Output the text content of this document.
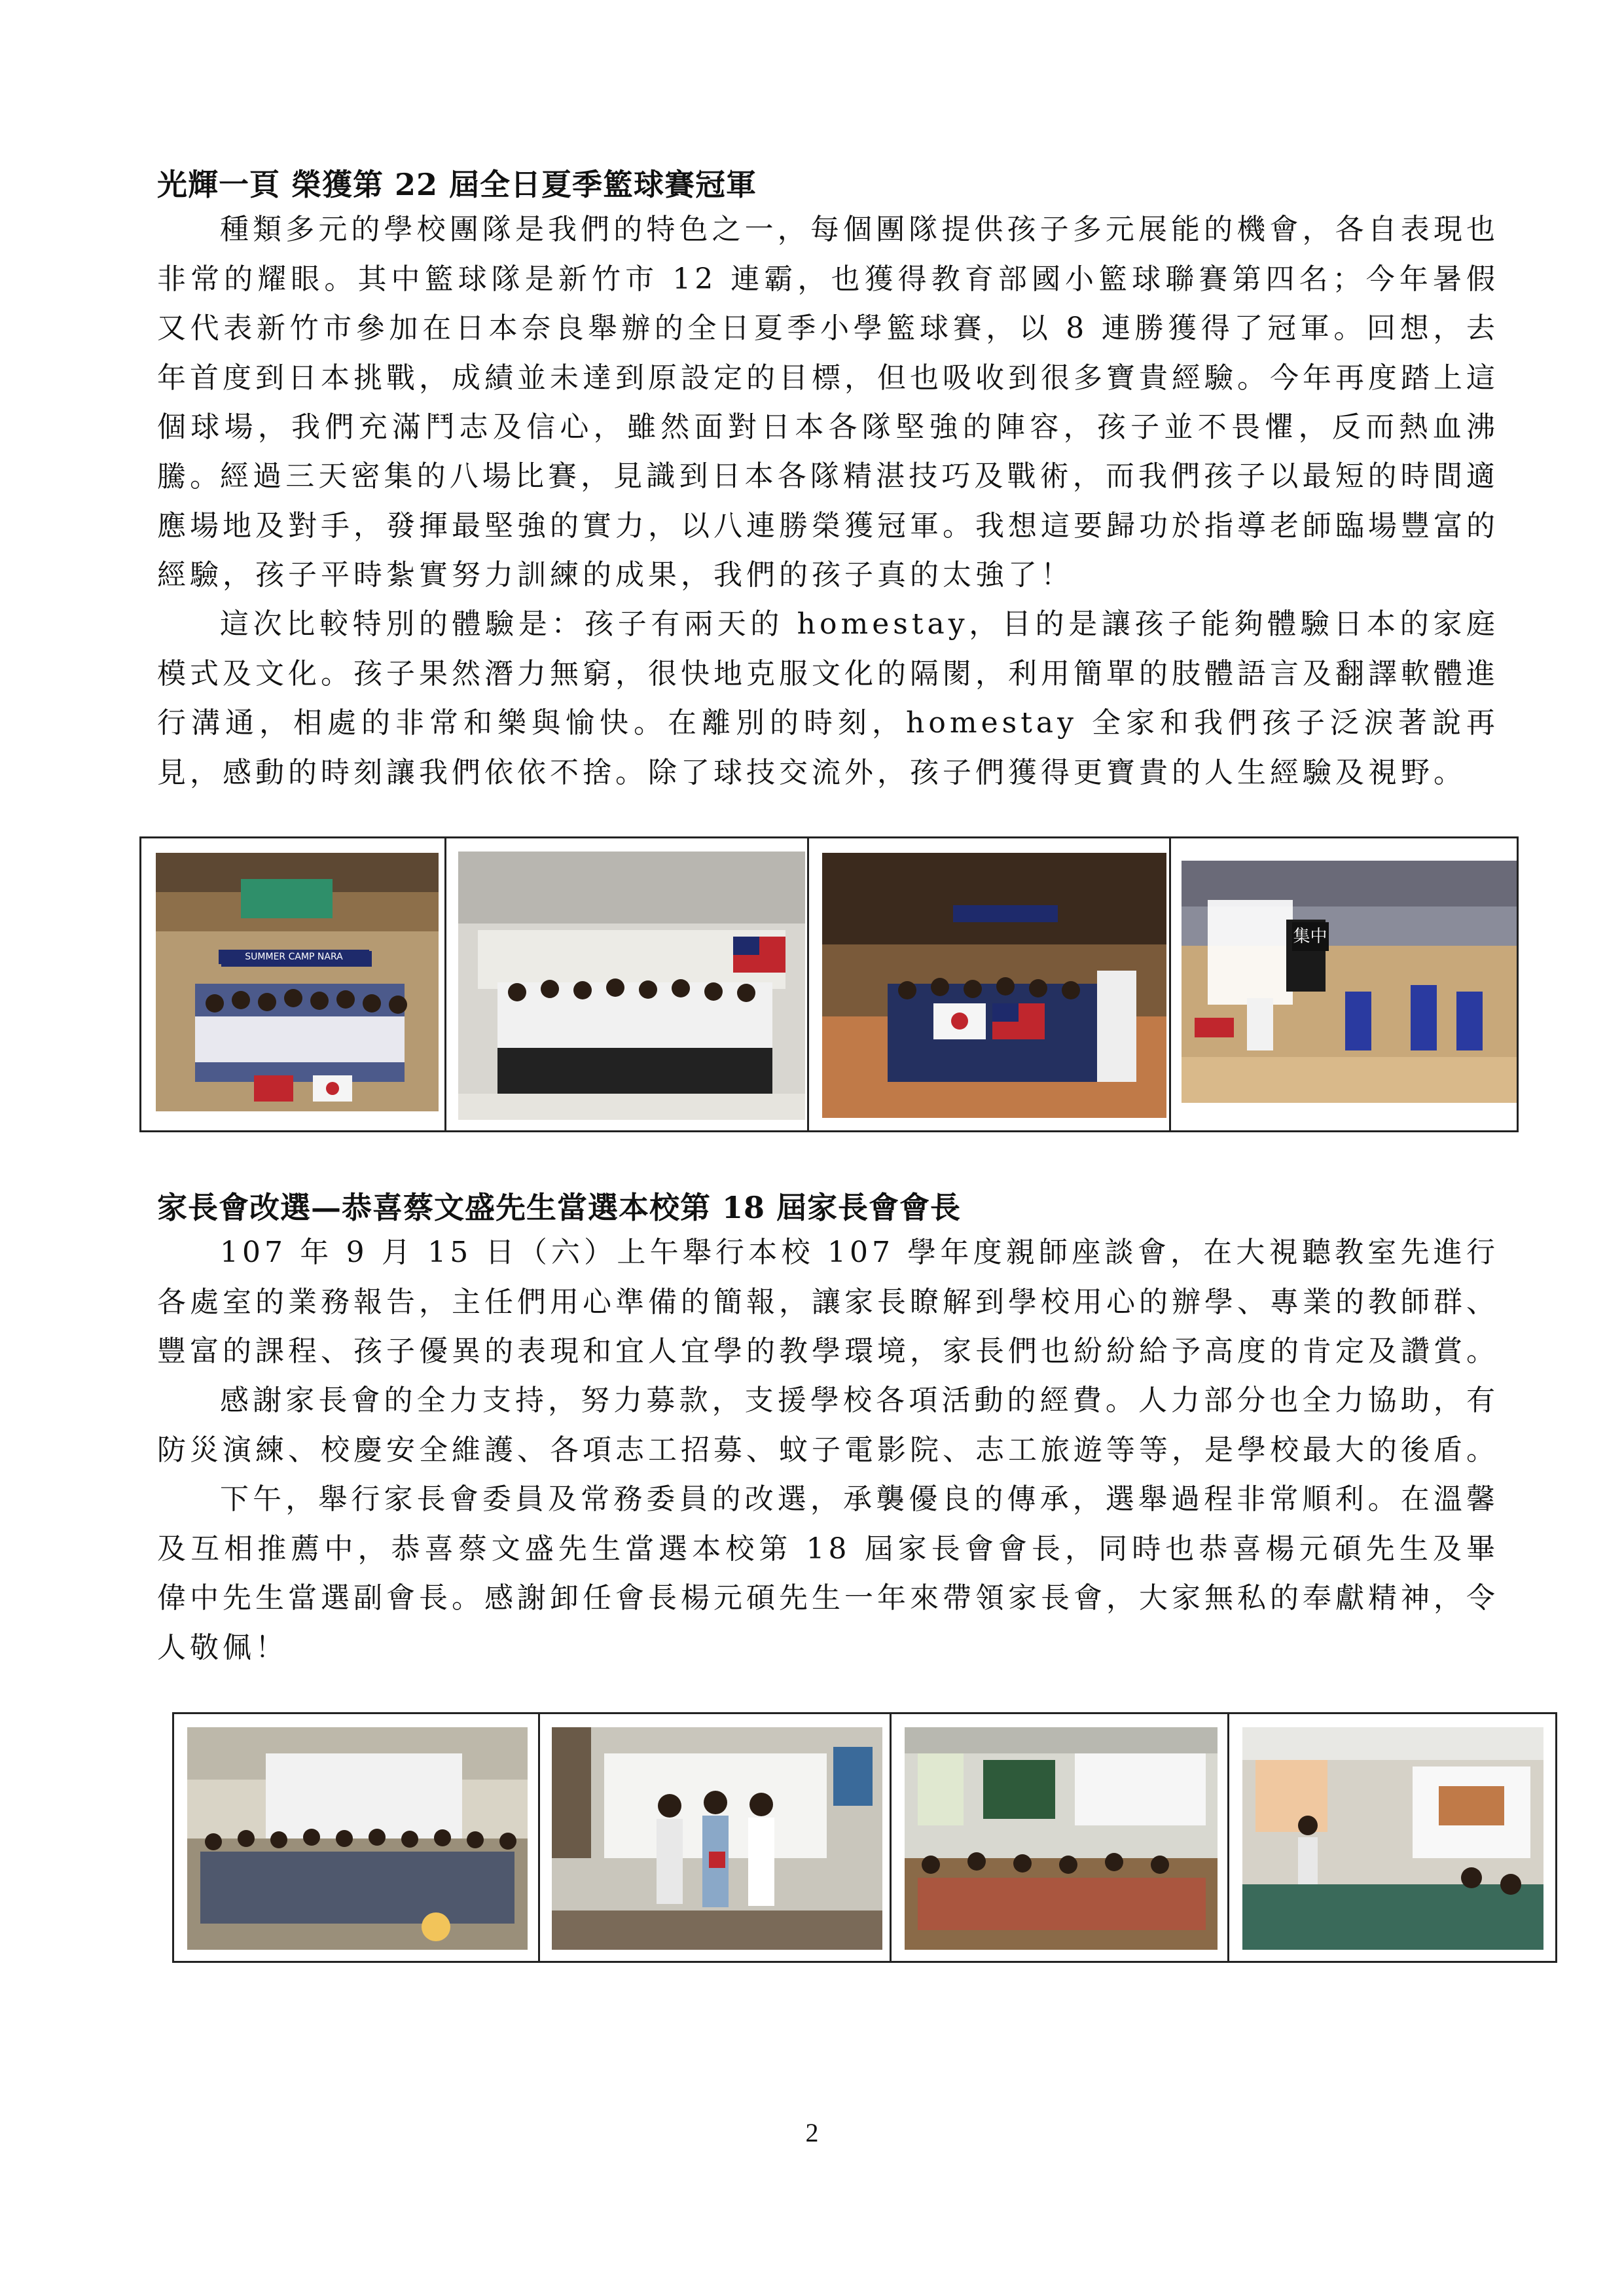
光輝一頁 榮獲第 22 屆全日夏季籃球賽冠軍
種類多元的學校團隊是我們的特色之一，每個團隊提供孩子多元展能的機會，各自表現也非常的耀眼。其中籃球隊是新竹市 12 連霸，也獲得教育部國小籃球聯賽第四名；今年暑假又代表新竹市參加在日本奈良舉辦的全日夏季小學籃球賽，以 8 連勝獲得了冠軍。回想，去年首度到日本挑戰，成績並未達到原設定的目標，但也吸收到很多寶貴經驗。今年再度踏上這個球場，我們充滿鬥志及信心，雖然面對日本各隊堅強的陣容，孩子並不畏懼，反而熱血沸騰。
經過三天密集的八場比賽，見識到日本各隊精湛技巧及戰術，而我們孩子以最短的時間適應場地及對手，發揮最堅強的實力，以八連勝榮獲冠軍。我想這要歸功於指導老師臨場豐富的經驗，孩子平時紮實努力訓練的成果，我們的孩子真的太強了！
這次比較特別的體驗是：孩子有兩天的 homestay，目的是讓孩子能夠體驗日本的家庭模式及文化。孩子果然潛力無窮，很快地克服文化的隔閡，利用簡單的肢體語言及翻譯軟體進行溝通，相處的非常和樂與愉快。在離別的時刻，homestay 全家和我們孩子泛淚著說再見，感動的時刻讓我們依依不捨。除了球技交流外，孩子們獲得更寶貴的人生經驗及視野。
SUMMER CAMP NARA
集中
家長會改選—恭喜蔡文盛先生當選本校第 18 屆家長會會長
107 年 9 月 15 日（六）上午舉行本校 107 學年度親師座談會，在大視聽教室先進行各處室的業務報告，主任們用心準備的簡報，讓家長瞭解到學校用心的辦學、專業的教師群、豐富的課程、孩子優異的表現和宜人宜學的教學環境，家長們也紛紛給予高度的肯定及讚賞。
感謝家長會的全力支持，努力募款，支援學校各項活動的經費。人力部分也全力協助，有防災演練、校慶安全維護、各項志工招募、蚊子電影院、志工旅遊等等，是學校最大的後盾。
下午，舉行家長會委員及常務委員的改選，承襲優良的傳承，選舉過程非常順利。在溫馨及互相推薦中，恭喜蔡文盛先生當選本校第 18 屆家長會會長，同時也恭喜楊元碩先生及畢偉中先生當選副會長。感謝卸任會長楊元碩先生一年來帶領家長會，大家無私的奉獻精神，令人敬佩！
2
